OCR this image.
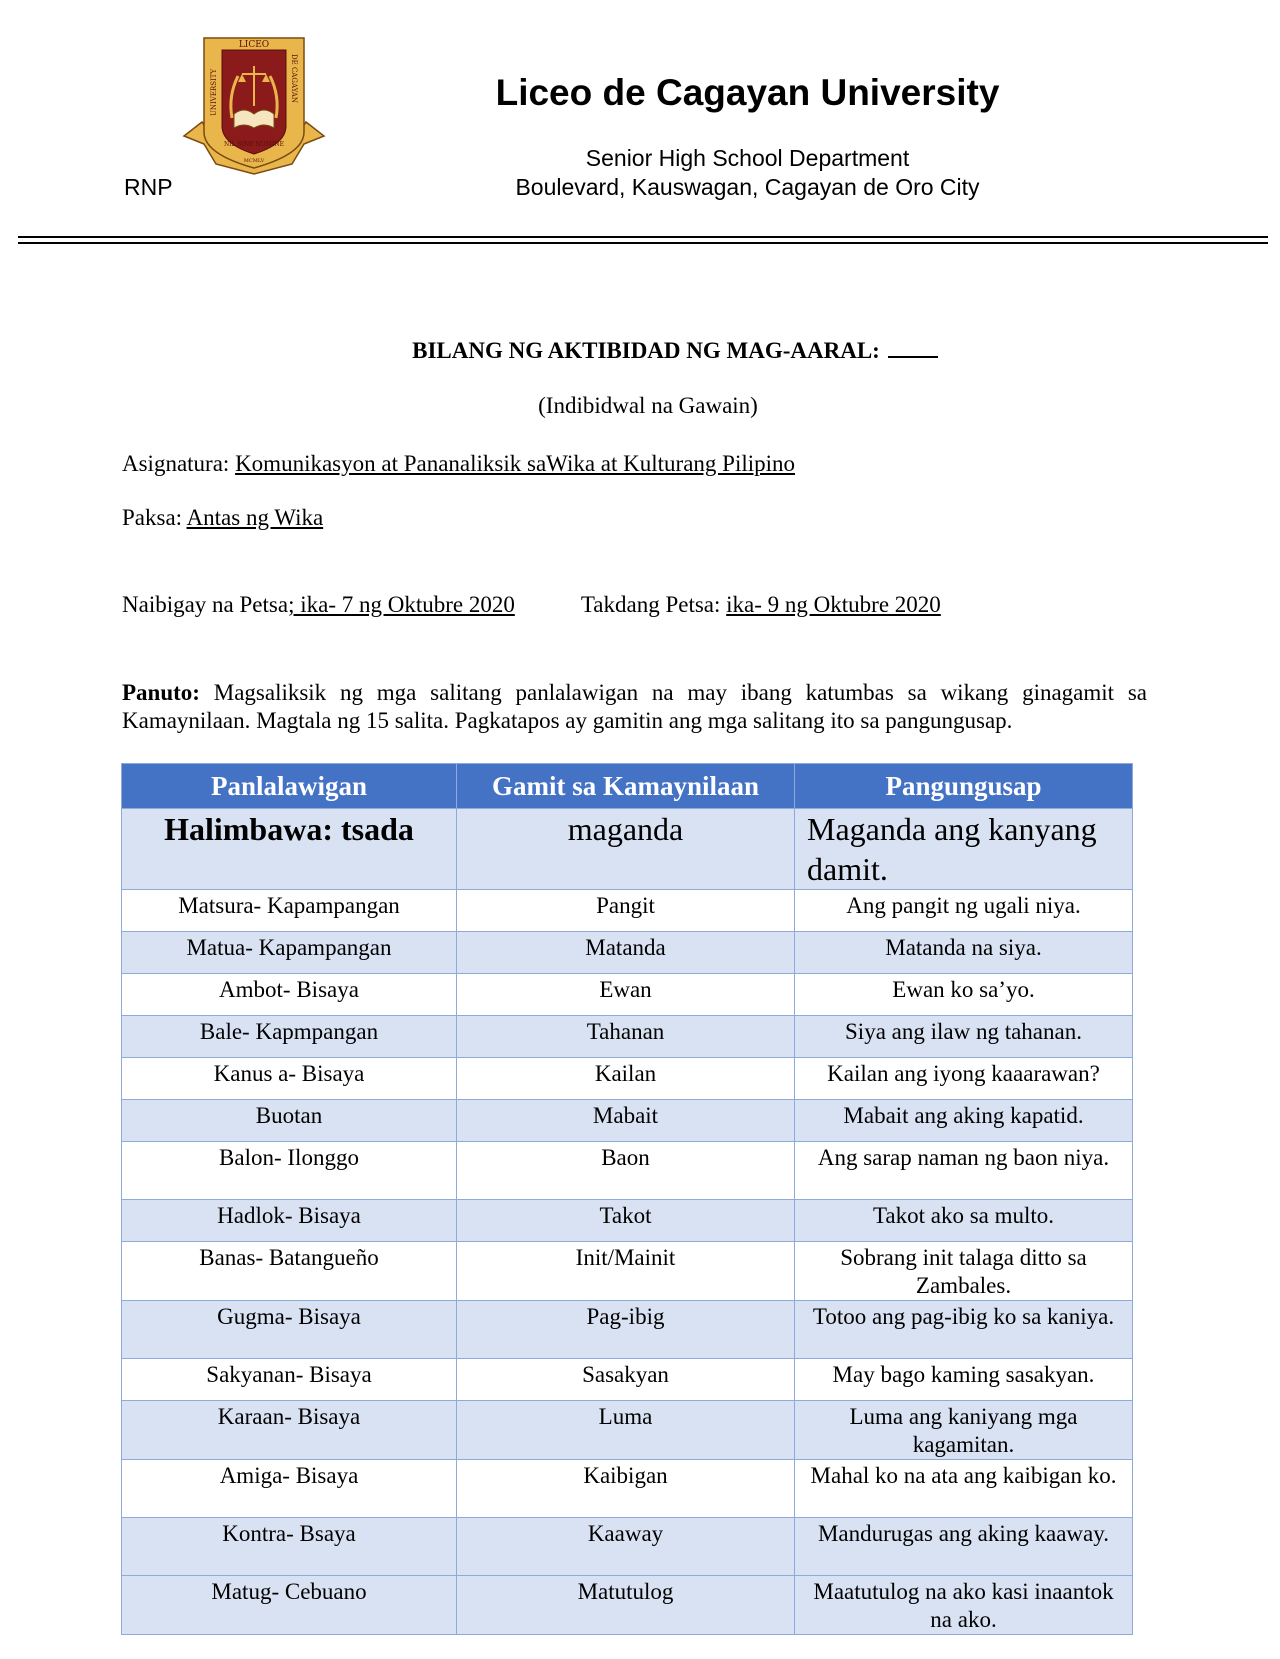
LICEO
UNIVERSITY	DE CAGAYAN
NIL SINE NUMINE
MCMLV
RNP
Liceo de Cagayan University
Senior High School Department
Boulevard, Kauswagan, Cagayan de Oro City
BILANG NG AKTIBIDAD NG MAG-AARAL:
(Indibidwal na Gawain)
Asignatura: Komunikasyon at Pananaliksik saWika at Kulturang Pilipino
Paksa: Antas ng Wika
Naibigay na Petsa; ika- 7 ng Oktubre 2020	Takdang Petsa: ika- 9 ng Oktubre 2020
Panuto: Magsaliksik ng mga salitang panlalawigan na may ibang katumbas sa wikang ginagamit sa Kamaynilaan. Magtala ng 15 salita. Pagkatapos ay gamitin ang mga salitang ito sa pangungusap.
Panlalawigan	Gamit sa Kamaynilaan	Pangungusap
Halimbawa: tsada	maganda	Maganda ang kanyang damit.
Matsura- Kapampangan	Pangit	Ang pangit ng ugali niya.
Matua- Kapampangan	Matanda	Matanda na siya.
Ambot- Bisaya	Ewan	Ewan ko sa’yo.
Bale- Kapmpangan	Tahanan	Siya ang ilaw ng tahanan.
Kanus a- Bisaya	Kailan	Kailan ang iyong kaaarawan?
Buotan	Mabait	Mabait ang aking kapatid.
Balon- Ilonggo	Baon	Ang sarap naman ng baon niya.
Hadlok- Bisaya	Takot	Takot ako sa multo.
Banas- Batangueño	Init/Mainit	Sobrang init talaga ditto sa Zambales.
Gugma- Bisaya	Pag-ibig	Totoo ang pag-ibig ko sa kaniya.
Sakyanan- Bisaya	Sasakyan	May bago kaming sasakyan.
Karaan- Bisaya	Luma	Luma ang kaniyang mga kagamitan.
Amiga- Bisaya	Kaibigan	Mahal ko na ata ang kaibigan ko.
Kontra- Bsaya	Kaaway	Mandurugas ang aking kaaway.
Matug- Cebuano	Matutulog	Maatutulog na ako kasi inaantok na ako.
